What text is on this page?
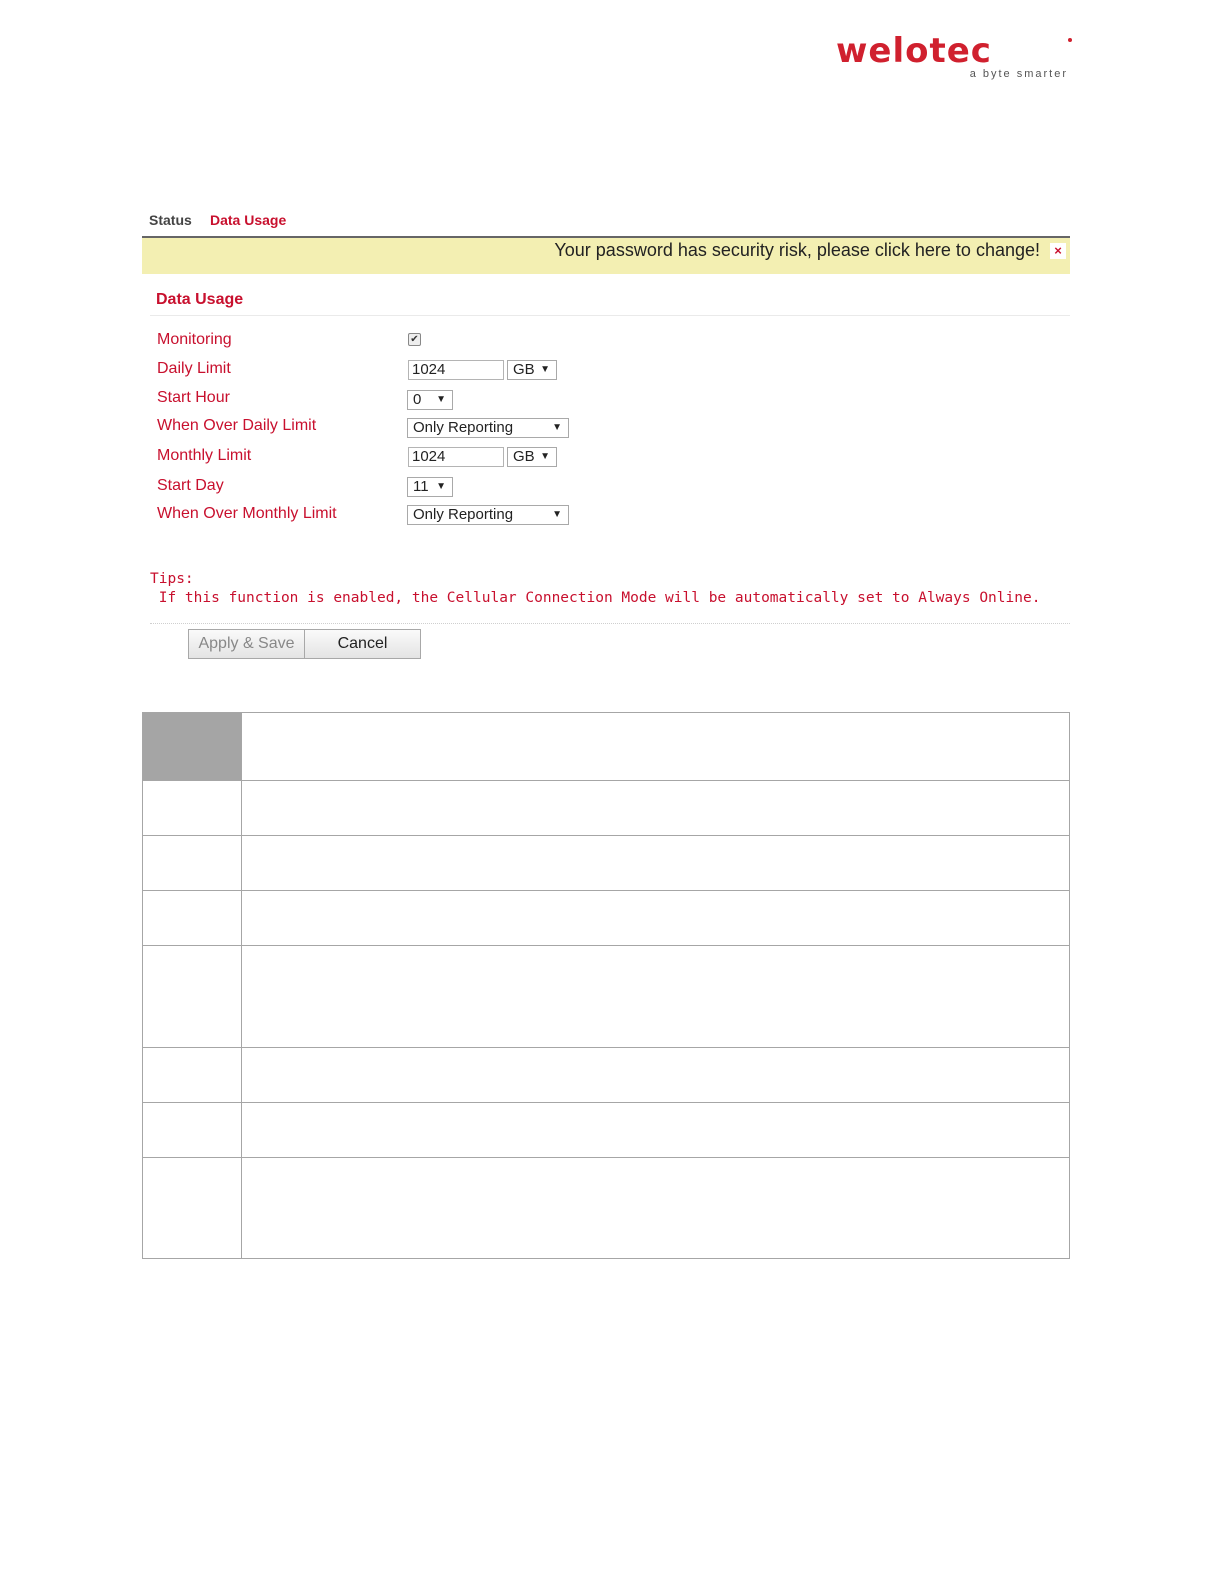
welotec
a byte smarter
Status Data Usage
Your password has security risk, please click here to change!	×
Data Usage
Monitoring	✔
Daily Limit	1024	GB ▼
Start Hour	0 ▼
When Over Daily Limit	Only Reporting	▼
Monthly Limit	1024	GB ▼
Start Day	11 ▼
When Over Monthly Limit	Only Reporting	▼
Tips:
If this function is enabled, the Cellular Connection Mode will be automatically set to Always Online.
Apply & Save	Cancel
